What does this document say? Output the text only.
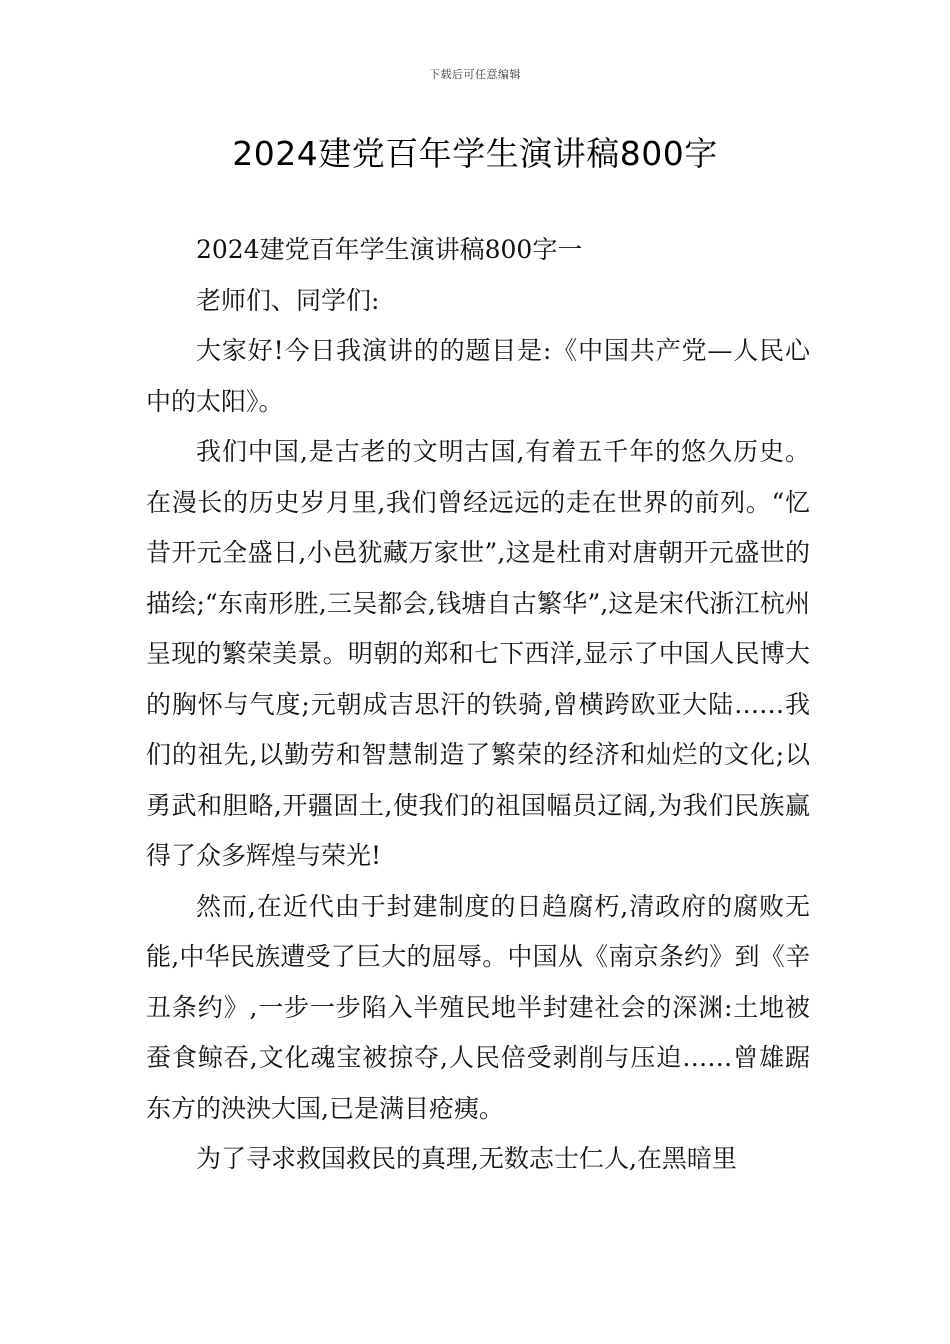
下载后可任意编辑
2024建党百年学生演讲稿800字

2024建党百年学生演讲稿800字一

老师们、同学们:

大家好!今日我演讲的的题目是:《中国共产党—人民心中的太阳》。

我们中国,是古老的文明古国,有着五千年的悠久历史。在漫长的历史岁月里,我们曾经远远的走在世界的前列。“忆昔开元全盛日,小邑犹藏万家世”,这是杜甫对唐朝开元盛世的描绘;“东南形胜,三吴都会,钱塘自古繁华”,这是宋代浙江杭州呈现的繁荣美景。明朝的郑和七下西洋,显示了中国人民博大的胸怀与气度;元朝成吉思汗的铁骑,曾横跨欧亚大陆……我们的祖先,以勤劳和智慧制造了繁荣的经济和灿烂的文化;以勇武和胆略,开疆固土,使我们的祖国幅员辽阔,为我们民族赢得了众多辉煌与荣光!

然而,在近代由于封建制度的日趋腐朽,清政府的腐败无能,中华民族遭受了巨大的屈辱。中国从《南京条约》到《辛丑条约》,一步一步陷入半殖民地半封建社会的深渊:土地被蚕食鲸吞,文化魂宝被掠夺,人民倍受剥削与压迫……曾雄踞东方的泱泱大国,已是满目疮痍。

为了寻求救国救民的真理,无数志士仁人,在黑暗里
